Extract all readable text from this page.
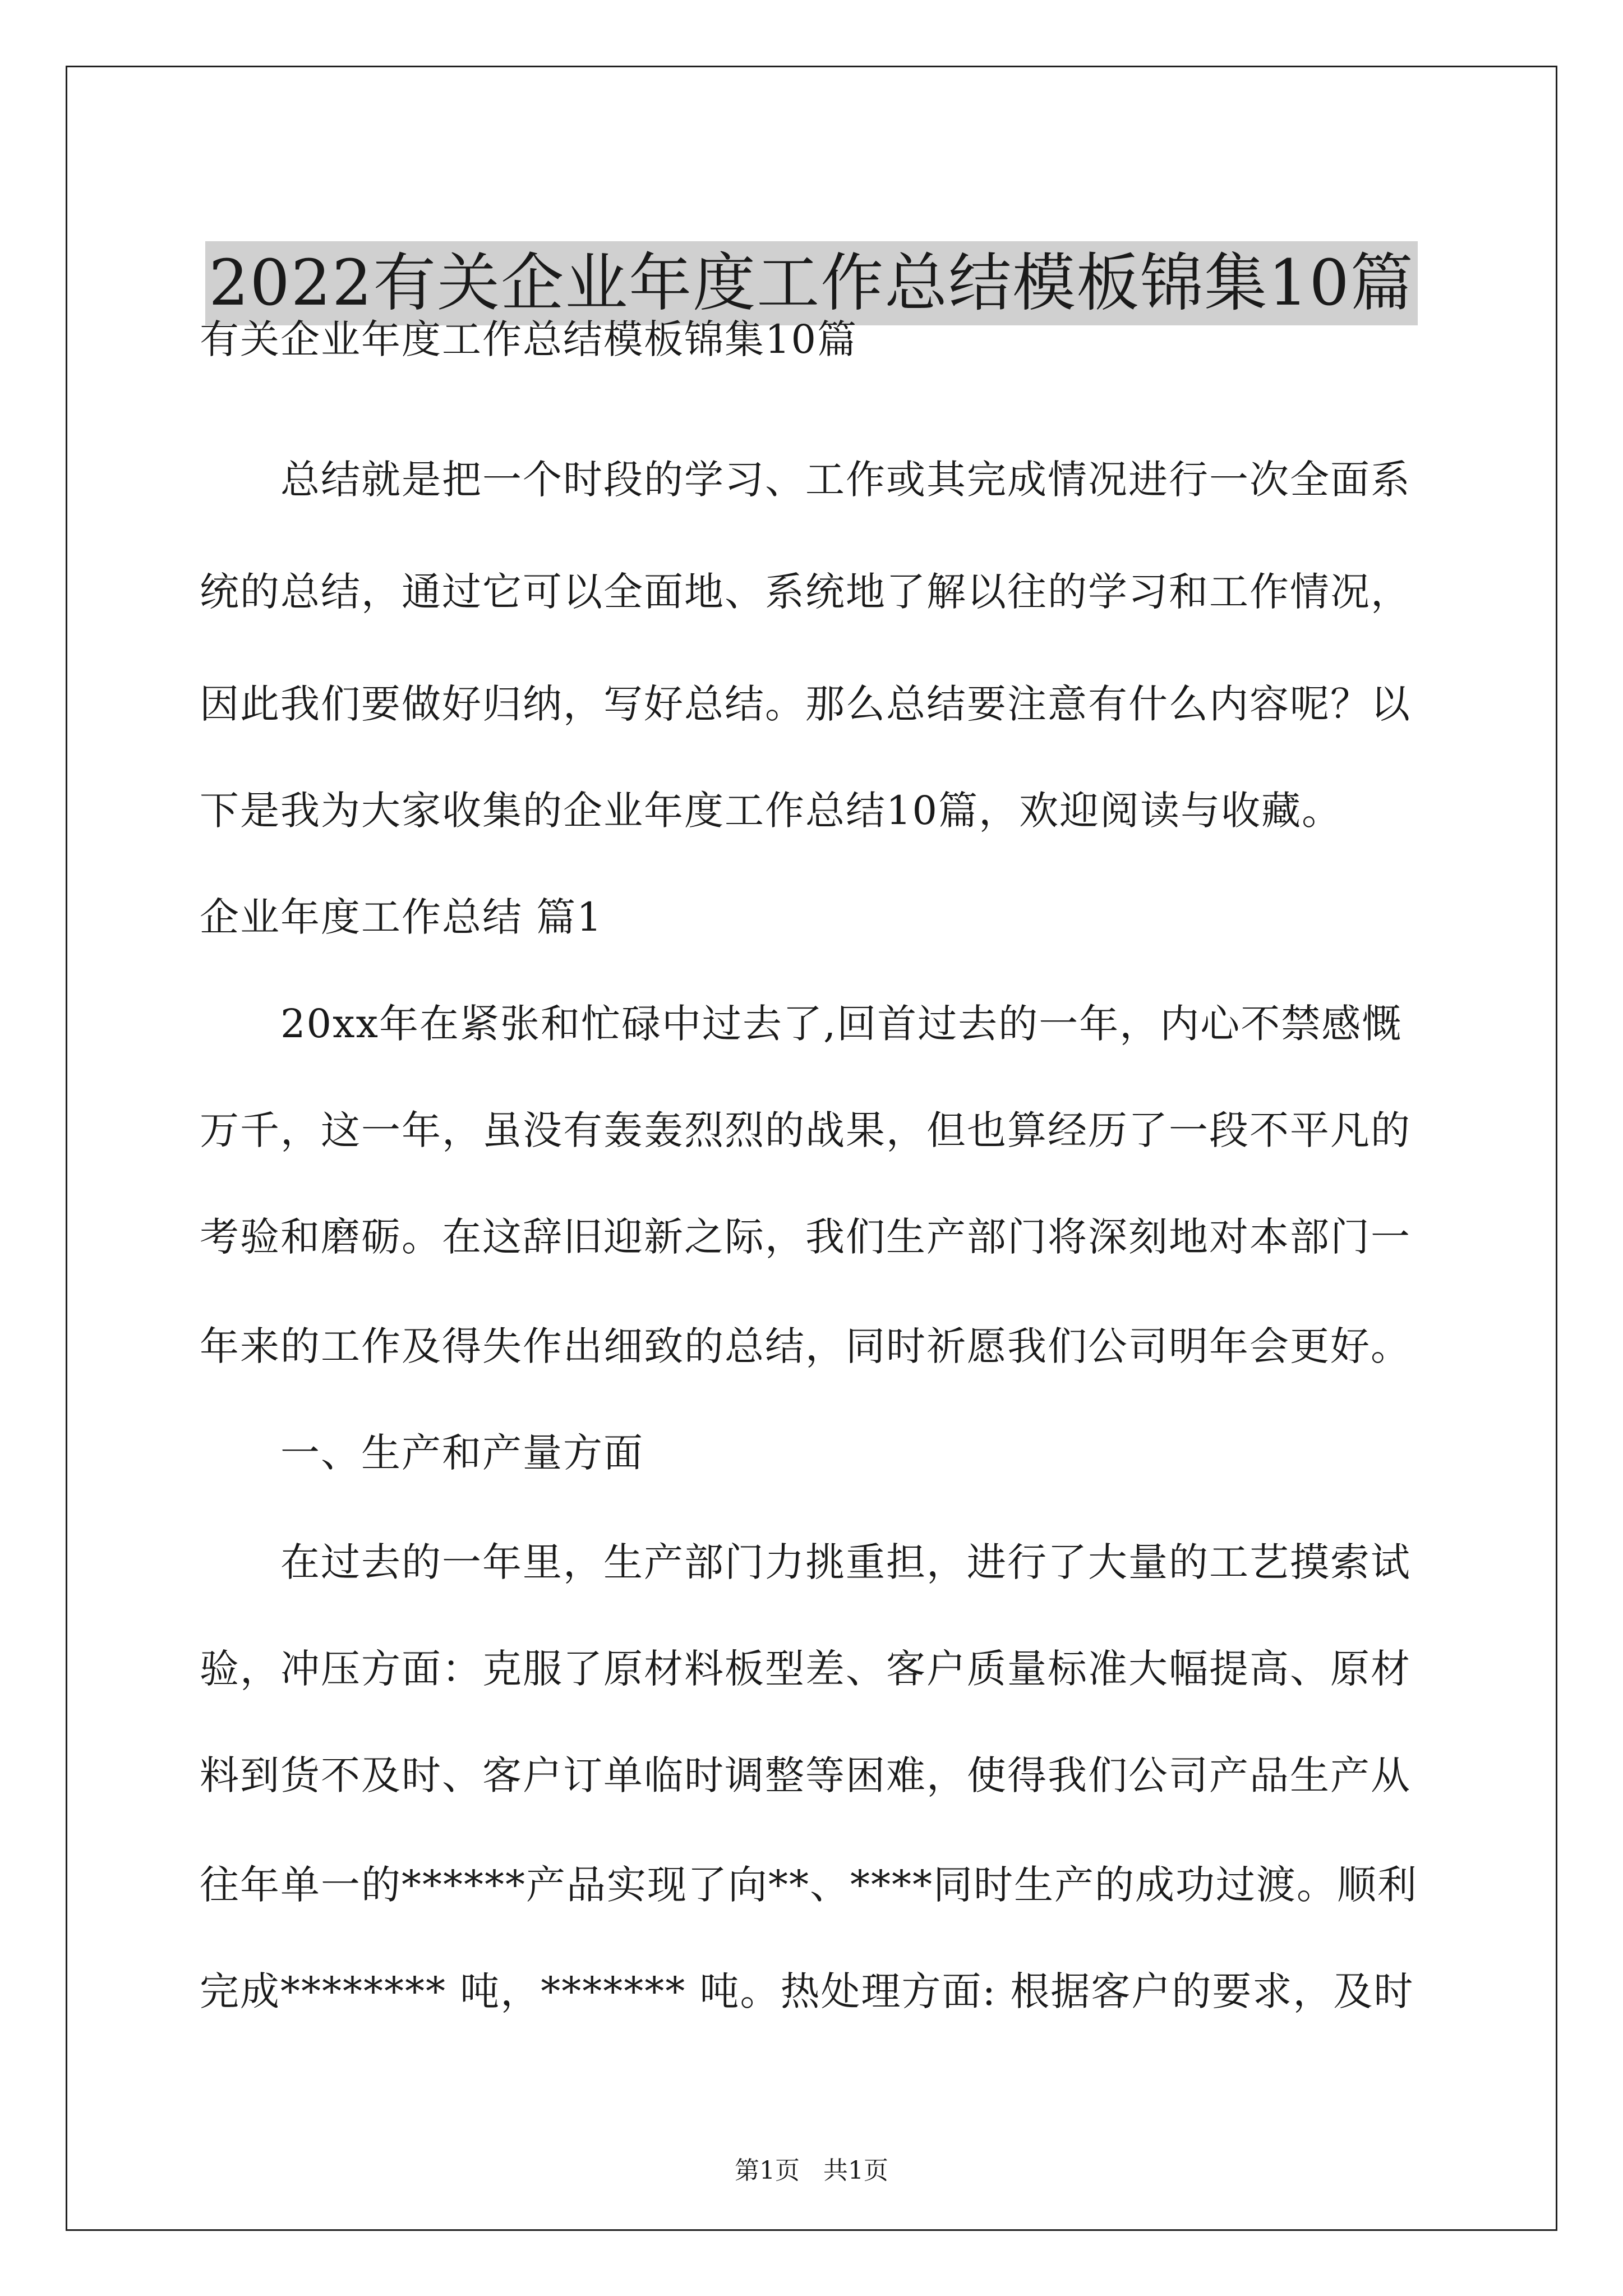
2022有关企业年度工作总结模板锦集10篇
有关企业年度工作总结模板锦集10篇
总结就是把一个时段的学习、工作或其完成情况进行一次全面系
统的总结，通过它可以全面地、系统地了解以往的学习和工作情况，
因此我们要做好归纳，写好总结。那么总结要注意有什么内容呢？以
下是我为大家收集的企业年度工作总结10篇，欢迎阅读与收藏。
企业年度工作总结 篇1
20xx年在紧张和忙碌中过去了,回首过去的一年，内心不禁感慨
万千，这一年，虽没有轰轰烈烈的战果，但也算经历了一段不平凡的
考验和磨砺。在这辞旧迎新之际，我们生产部门将深刻地对本部门一
年来的工作及得失作出细致的总结，同时祈愿我们公司明年会更好。
一、生产和产量方面
在过去的一年里，生产部门力挑重担，进行了大量的工艺摸索试
验，冲压方面：克服了原材料板型差、客户质量标准大幅提高、原材
料到货不及时、客户订单临时调整等困难，使得我们公司产品生产从
往年单一的******产品实现了向**、****同时生产的成功过渡。顺利
完成******** 吨，******* 吨。热处理方面: 根据客户的要求，及时
第1页   共1页
